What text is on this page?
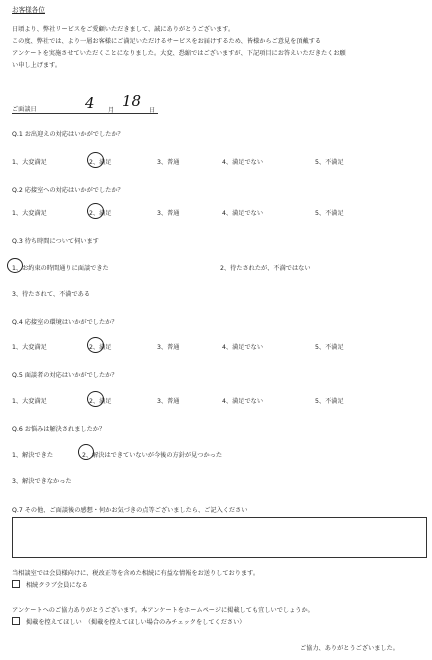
お客様各位
日頃より、弊社リービスをご愛顧いただきまして、誠にありがとうございます。
この度、弊社では、より一層お客様にご満足いただけるサービスをお届けするため、皆様からご意見を頂戴する
アンケートを実施させていただくことになりました。大変、恐縮ではございますが、下記項目にお答えいただきたくお願
い申し上げます。
ご面談日	4 月
18
日
Q.1 お出迎えの対応はいかがでしたか？
1、大変満足	2、満足	3、普通	4、満足でない	5、不満足
Q.2 応接室への対応はいかがでしたか？
1、大変満足	2、満足	3、普通	4、満足でない	5、不満足
Q.3 待ち時間について伺います
1、お約束の時間通りに面談できた	2、待たされたが、不満ではない
3、待たされて、不満である
Q.4 応接室の環境はいかがでしたか？
1、大変満足	2、満足	3、普通	4、満足でない	5、不満足
Q.5 面談者の対応はいかがでしたか？
1、大変満足	2、満足	3、普通	4、満足でない	5、不満足
Q.6 お悩みは解決されましたか？
1、解決できた	2、解決はできていないが今後の方針が見つかった
3、解決できなかった
Q.7 その他、ご面談後の感想・何かお気づきの点等ございましたら、ご記入ください
当相談室では会員様向けに、税改正等を含めた相続に有益な情報をお送りしております。
相続クラブ会員になる
アンケートへのご協力ありがとうございます。本アンケートをホームページに掲載しても宜しいでしょうか。
掲載を控えてほしい　（掲載を控えてほしい場合のみチェックをしてください）
ご協力、ありがとうございました。
